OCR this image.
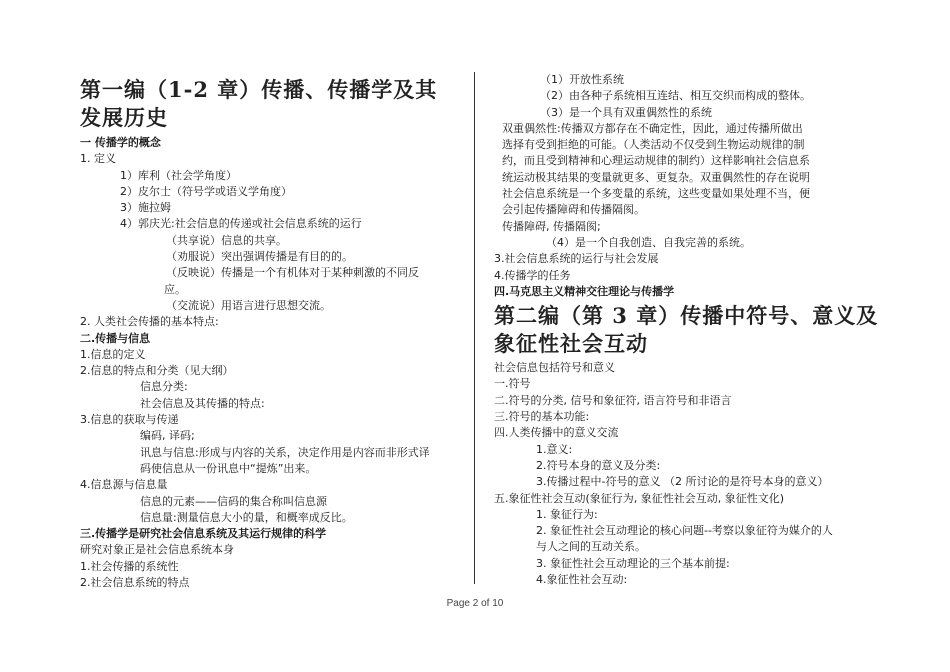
第一编（1-2 章）传播、传播学及其
发展历史
一 传播学的概念
1. 定义
1）库利（社会学角度）
2）皮尔士（符号学或语义学角度）
3）施拉姆
4）郭庆光:社会信息的传递或社会信息系统的运行
（共享说）信息的共享。
（劝服说）突出强调传播是有目的的。
（反映说）传播是一个有机体对于某种刺激的不同反
应。
（交流说）用语言进行思想交流。
2. 人类社会传播的基本特点:
二.传播与信息
1.信息的定义
2.信息的特点和分类（见大纲）
信息分类:
社会信息及其传播的特点:
3.信息的获取与传递
编码, 译码;
讯息与信息:形成与内容的关系，决定作用是内容而非形式译
码使信息从一份讯息中“提炼”出来。
4.信息源与信息量
信息的元素——信码的集合称叫信息源
信息量:测量信息大小的量，和概率成反比。
三.传播学是研究社会信息系统及其运行规律的科学
研究对象正是社会信息系统本身
1.社会传播的系统性
2.社会信息系统的特点
（1）开放性系统
（2）由各种子系统相互连结、相互交织而构成的整体。
（3）是一个具有双重偶然性的系统
双重偶然性:传播双方都存在不确定性，因此，通过传播所做出
选择有受到拒绝的可能。（人类活动不仅受到生物运动规律的制
约，而且受到精神和心理运动规律的制约）这样影响社会信息系
统运动极其结果的变量就更多、更复杂。双重偶然性的存在说明
社会信息系统是一个多变量的系统，这些变量如果处理不当，便
会引起传播障碍和传播隔阂。
传播障碍, 传播隔阂;
（4）是一个自我创造、自我完善的系统。
3.社会信息系统的运行与社会发展
4.传播学的任务
四.马克思主义精神交往理论与传播学
第二编（第 3 章）传播中符号、意义及
象征性社会互动
社会信息包括符号和意义
一.符号
二.符号的分类, 信号和象征符, 语言符号和非语言
三.符号的基本功能:
四.人类传播中的意义交流
1.意义:
2.符号本身的意义及分类:
3.传播过程中-符号的意义 （2 所讨论的是符号本身的意义）
五.象征性社会互动(象征行为, 象征性社会互动, 象征性文化)
1. 象征行为:
2. 象征性社会互动理论的核心问题--考察以象征符为媒介的人
与人之间的互动关系。
3. 象征性社会互动理论的三个基本前提:
4.象征性社会互动:
Page 2 of 10
